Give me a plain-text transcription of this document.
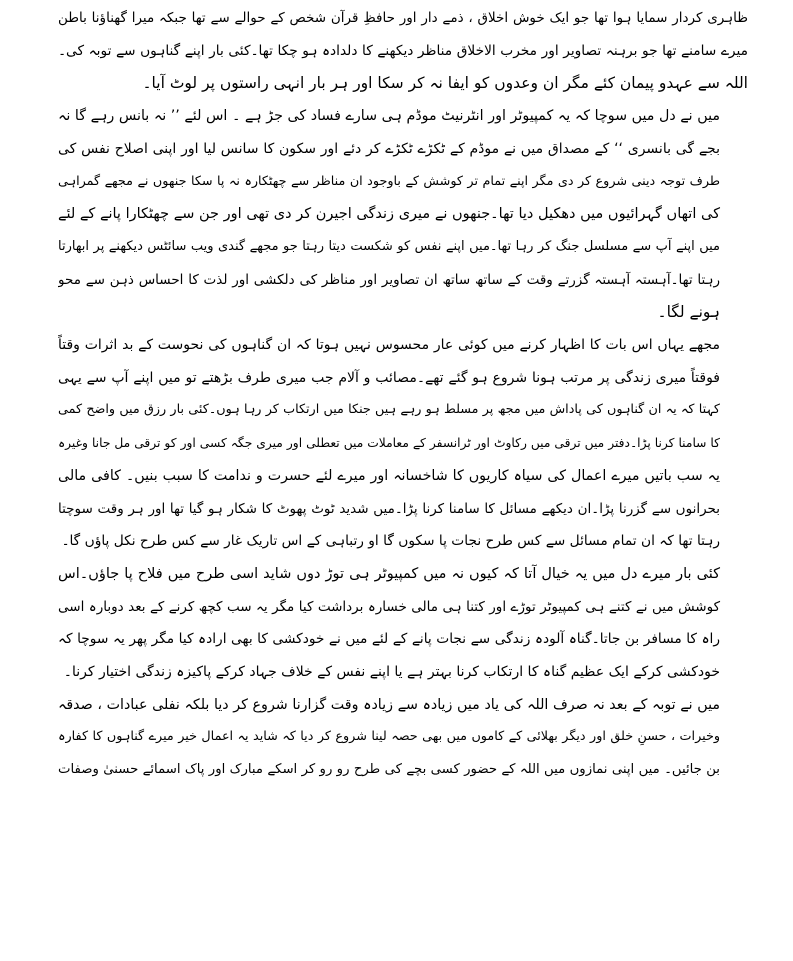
ظاہری کردار سمایا ہوا تھا جو ایک خوش اخلاق ، ذمے دار اور حافظِ قرآن شخص کے حوالے سے تھا جبکہ میرا گھناؤنا باطن
میرے سامنے تھا جو برہنہ تصاویر اور مخرب الاخلاق مناظر دیکھنے کا دلدادہ ہو چکا تھا۔کئی بار اپنے گناہوں سے توبہ کی۔
اللہ سے عہدو پیمان کئے مگر ان وعدوں کو ایفا نہ کر سکا اور ہر بار انہی راستوں پر لوٹ آیا۔
میں نے دل میں سوچا کہ یہ کمپیوٹر اور انٹرنیٹ موڈم ہی سارے فساد کی جڑ ہے ۔ اس لئے ’’ نہ بانس رہے گا نہ
بجے گی بانسری ‘‘ کے مصداق میں نے موڈم کے ٹکڑے ٹکڑے کر دئے اور سکون کا سانس لیا اور اپنی اصلاح نفس کی
طرف توجہ دینی شروع کر دی مگر اپنے تمام تر کوشش کے باوجود ان مناظر سے چھٹکارہ نہ پا سکا جنھوں نے مجھے گمراہی
کی اتھاں گہرائیوں میں دھکیل دیا تھا۔جنھوں نے میری زندگی اجیرن کر دی تھی اور جن سے چھٹکارا پانے کے لئے
میں اپنے آپ سے مسلسل جنگ کر رہا تھا۔میں اپنے نفس کو شکست دیتا رہتا جو مجھے گندی ویب سائٹس دیکھنے پر ابھارتا
رہتا تھا۔آہستہ آہستہ گزرتے وقت کے ساتھ ساتھ ان تصاویر اور مناظر کی دلکشی اور لذت کا احساس ذہن سے محو
ہونے لگا۔
مجھے یہاں اس بات کا اظہار کرنے میں کوئی عار محسوس نہیں ہوتا کہ ان گناہوں کی نحوست کے بد اثرات وقتاً
فوقتاً میری زندگی پر مرتب ہونا شروع ہو گئے تھے۔مصائب و آلام جب میری طرف بڑھتے تو میں اپنے آپ سے یہی
کہتا کہ یہ ان گناہوں کی پاداش میں مجھ پر مسلط ہو رہے ہیں جنکا میں ارتکاب کر رہا ہوں۔کئی بار رزق میں واضح کمی
کا سامنا کرنا پڑا۔دفتر میں ترقی میں رکاوٹ اور ٹرانسفر کے معاملات میں تعطلی اور میری جگہ کسی اور کو ترقی مل جانا وغیرہ
یہ سب باتیں میرے اعمال کی سیاہ کاریوں کا شاخسانہ اور میرے لئے حسرت و ندامت کا سبب بنیں۔ کافی مالی
بحرانوں سے گزرنا پڑا۔ان دیکھے مسائل کا سامنا کرنا پڑا۔میں شدید ٹوٹ پھوٹ کا شکار ہو گیا تھا اور ہر وقت سوچتا
رہتا تھا کہ ان تمام مسائل سے کس طرح نجات پا سکوں گا او رتباہی کے اس تاریک غار سے کس طرح نکل پاؤں گا۔
کئی بار میرے دل میں یہ خیال آتا کہ کیوں نہ میں کمپیوٹر ہی توڑ دوں شاید اسی طرح میں فلاح پا جاؤں۔اس
کوشش میں نے کتنے ہی کمپیوٹر توڑے اور کتنا ہی مالی خسارہ برداشت کیا مگر یہ سب کچھ کرنے کے بعد دوبارہ اسی
راہ کا مسافر بن جاتا۔گناہ آلودہ زندگی سے نجات پانے کے لئے میں نے خودکشی کا بھی ارادہ کیا مگر پھر یہ سوچا کہ
خودکشی کرکے ایک عظیم گناہ کا ارتکاب کرنا بہتر ہے یا اپنے نفس کے خلاف جہاد کرکے پاکیزہ زندگی اختیار کرنا۔
میں نے توبہ کے بعد نہ صرف اللہ کی یاد میں زیادہ سے زیادہ وقت گزارنا شروع کر دیا بلکہ نفلی عبادات ، صدقہ
وخیرات ، حسنِ خلق اور دیگر بھلائی کے کاموں میں بھی حصہ لینا شروع کر دیا کہ شاید یہ اعمال خیر میرے گناہوں کا کفارہ
بن جائیں۔ میں اپنی نمازوں میں اللہ کے حضور کسی بچے کی طرح رو رو کر اسکے مبارک اور پاک اسمائے حسنیٰ وصفات
